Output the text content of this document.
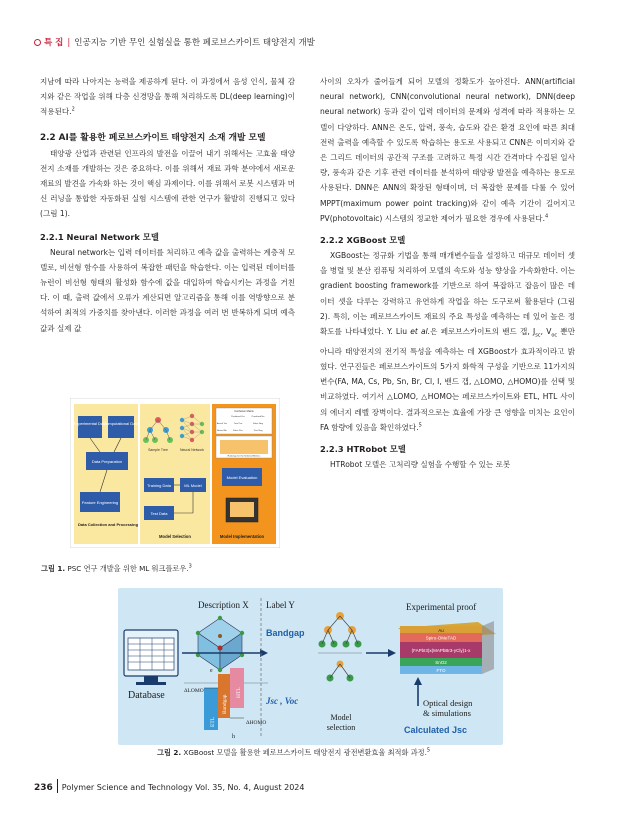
특 집 | 인공지능 기반 무인 실험실을 통한 페로브스카이트 태양전지 개발

지남에 따라 나아지는 능력을 제공하게 된다. 이 과정에서 음성 인식, 물체 감지와 같은 작업을 위해 다층 신경망을 통해 처리하도록 DL(deep learning)이 적용된다.$^2$

2.2 AI를 활용한 페로브스카이트 태양전지 소재 개발 모델

태양광 산업과 관련된 인프라의 발전을 이끌어 내기 위해서는 고효율 태양전지 소재를 개발하는 것은 중요하다. 이를 위해서 재료 과학 분야에서 새로운 재료의 발견을 가속화 하는 것이 핵심 과제이다. 이를 위해서 로봇 시스템과 머신 러닝을 통합한 자동화된 실험 시스템에 관한 연구가 활발히 진행되고 있다(그림 1).

2.2.1 Neural Network 모델

Neural network는 입력 데이터를 처리하고 예측 값을 출력하는 계층적 모델로, 비선형 함수를 사용하여 복잡한 패턴을 학습한다. 이는 입력된 데이터를 뉴런이 비선형 형태의 활성화 함수에 값을 대입하여 학습시키는 과정을 거친다. 이 때, 출력 값에서 오류가 계산되면 알고리즘을 통해 이를 역방향으로 분석하여 최적의 가중치를 찾아낸다. 이러한 과정을 여러 번 반복하게 되며 예측 값과 실제 값

Experimental Data
Computational Data
Data Preparation
Feature Engineering
Data Collection and Processing
Sample Tree	Neural Network
Training Data	ML Model
Test Data
Model Selection
Confusion Matrix
Predicted Yes	Predicted No
Actual Yes
Actual No
True Pos	False Neg
False Pos	True Neg
Rankings for the Selected Metrics
Model Evaluation
Model Implementation
그림 1. PSC 연구 개발을 위한 ML 워크플로우.$^3$

사이의 오차가 줄어들게 되어 모델의 정확도가 높아진다. ANN(artificial neural network), CNN(convolutional neural network), DNN(deep neural network) 등과 같이 입력 데이터의 문제와 성격에 따라 적용하는 모델이 다양하다. ANN은 온도, 압력, 풍속, 습도와 같은 환경 요인에 따른 최대 전력 출력을 예측할 수 있도록 학습하는 용도로 사용되고 CNN은 이미지와 같은 그리드 데이터의 공간적 구조를 고려하고 특정 시간 간격마다 수집된 일사량, 풍속과 같은 기후 관련 데이터를 분석하여 태양광 발전을 예측하는 용도로 사용된다. DNN은 ANN의 확장된 형태이며, 더 복잡한 문제를 다룰 수 있어 MPPT(maximum power point tracking)와 같이 예측 기간이 길어지고 PV(photovoltaic) 시스템의 정교한 제어가 필요한 경우에 사용된다.$^4$

2.2.2 XGBoost 모델

XGBoost는 정규화 기법을 통해 매개변수들을 설정하고 대규모 데이터 셋을 병렬 및 분산 컴퓨팅 처리하여 모델의 속도와 성능 향상을 가속화한다. 이는 gradient boosting framework를 기반으로 하여 복잡하고 잡음이 많은 데이터 셋을 다루는 강력하고 유연하게 작업을 하는 도구로써 활용된다 (그림 2). 특히, 이는 페로브스카이트 재료의 주요 특성을 예측하는 데 있어 높은 정확도를 나타내었다. Y. Liu et al.은 페로브스카이트의 밴드 갭, $J_{sc}$, $V_{oc}$ 뿐만 아니라 태양전지의 전기적 특성을 예측하는 데 XGBoost가 효과적이라고 밝혔다. 연구진들은 페로브스카이트의 5가지 화학적 구성을 기반으로 11가지의 변수(FA, MA, Cs, Pb, Sn, Br, Cl, I, 밴드 갭, △LOMO, △HOMO)를 선택 및 비교하였다. 여기서 △LOMO, △HOMO는 페로브스카이트와 ETL, HTL 사이의 에너지 레벨 장벽이다. 결과적으로는 효율에 가장 큰 영향을 미치는 요인이 FA 함량에 있음을 확인하였다.$^5$

2.2.3 HTRobot 모델

HTRobot 모델은 고처리량 실험을 수행할 수 있는 로봇

Database
Description X
ETL
Bandgap
HTL
ΔLOMO
ΔHOMO
e
h
Label Y
Bandgap
Jsc , Voc
Model
selection
Experimental proof
Au
Spiro-OMeTAD
(FAPbI3)x(MAPbBr3-yCly)1-x
SnO2
FTO
Optical design
& simulations
Calculated Jsc
그림 2. XGBoost 모델을 활용한 페로브스카이트 태양전지 광전변환효율 최적화 과정.$^5$
236 Polymer Science and Technology Vol. 35, No. 4, August 2024
